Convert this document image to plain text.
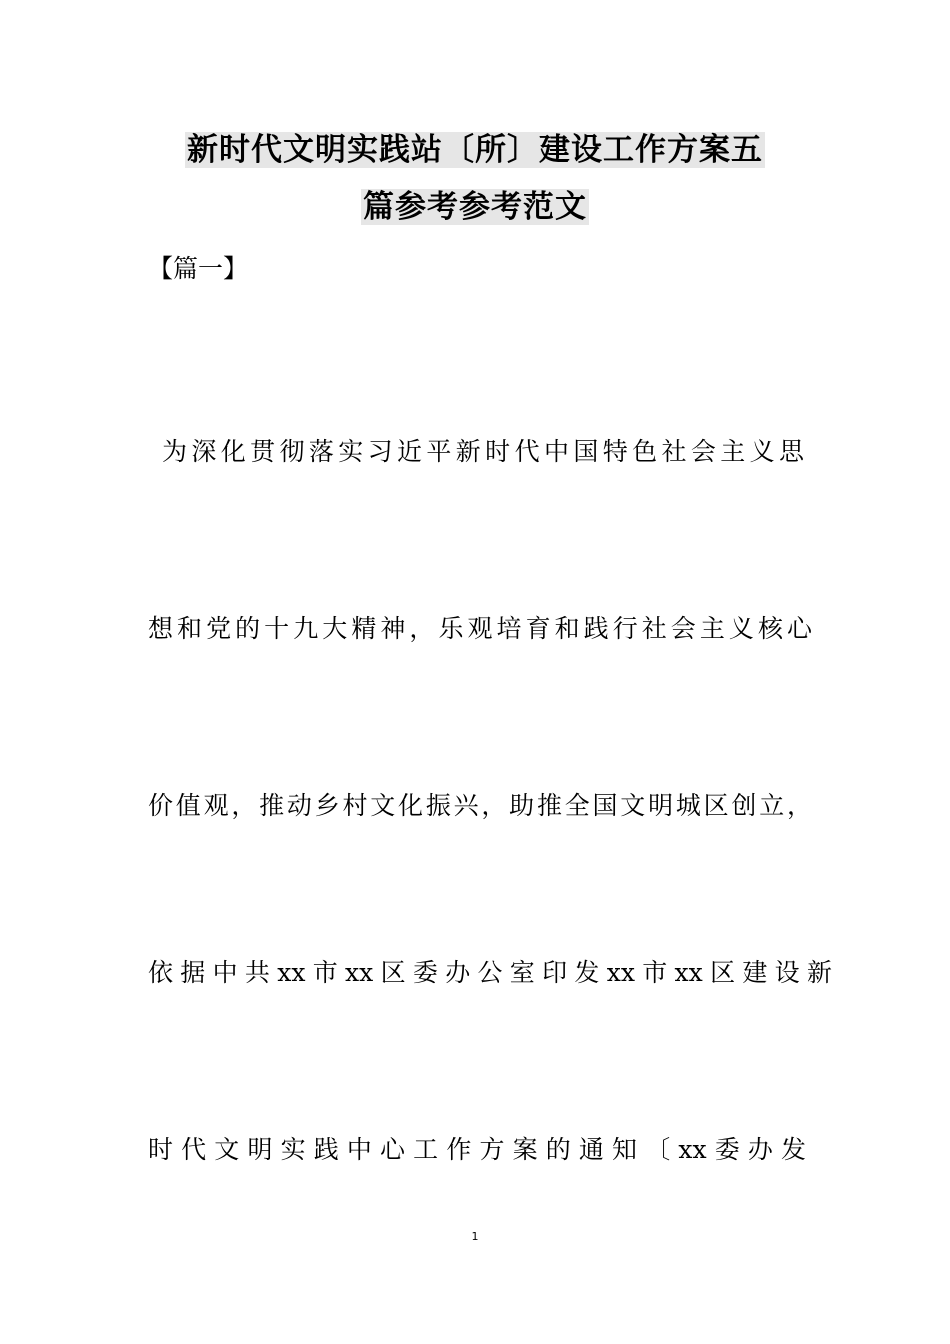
新时代文明实践站〔所〕建设工作方案五
篇参考参考范文
【篇一】
为深化贯彻落实习近平新时代中国特色社会主义思
想和党的十九大精神，乐观培育和践行社会主义核心
价值观，推动乡村文化振兴，助推全国文明城区创立，
依据中共xx市xx区委办公室印发xx市xx区建设新
时代文明实践中心工作方案的通知〔xx委办发
1
